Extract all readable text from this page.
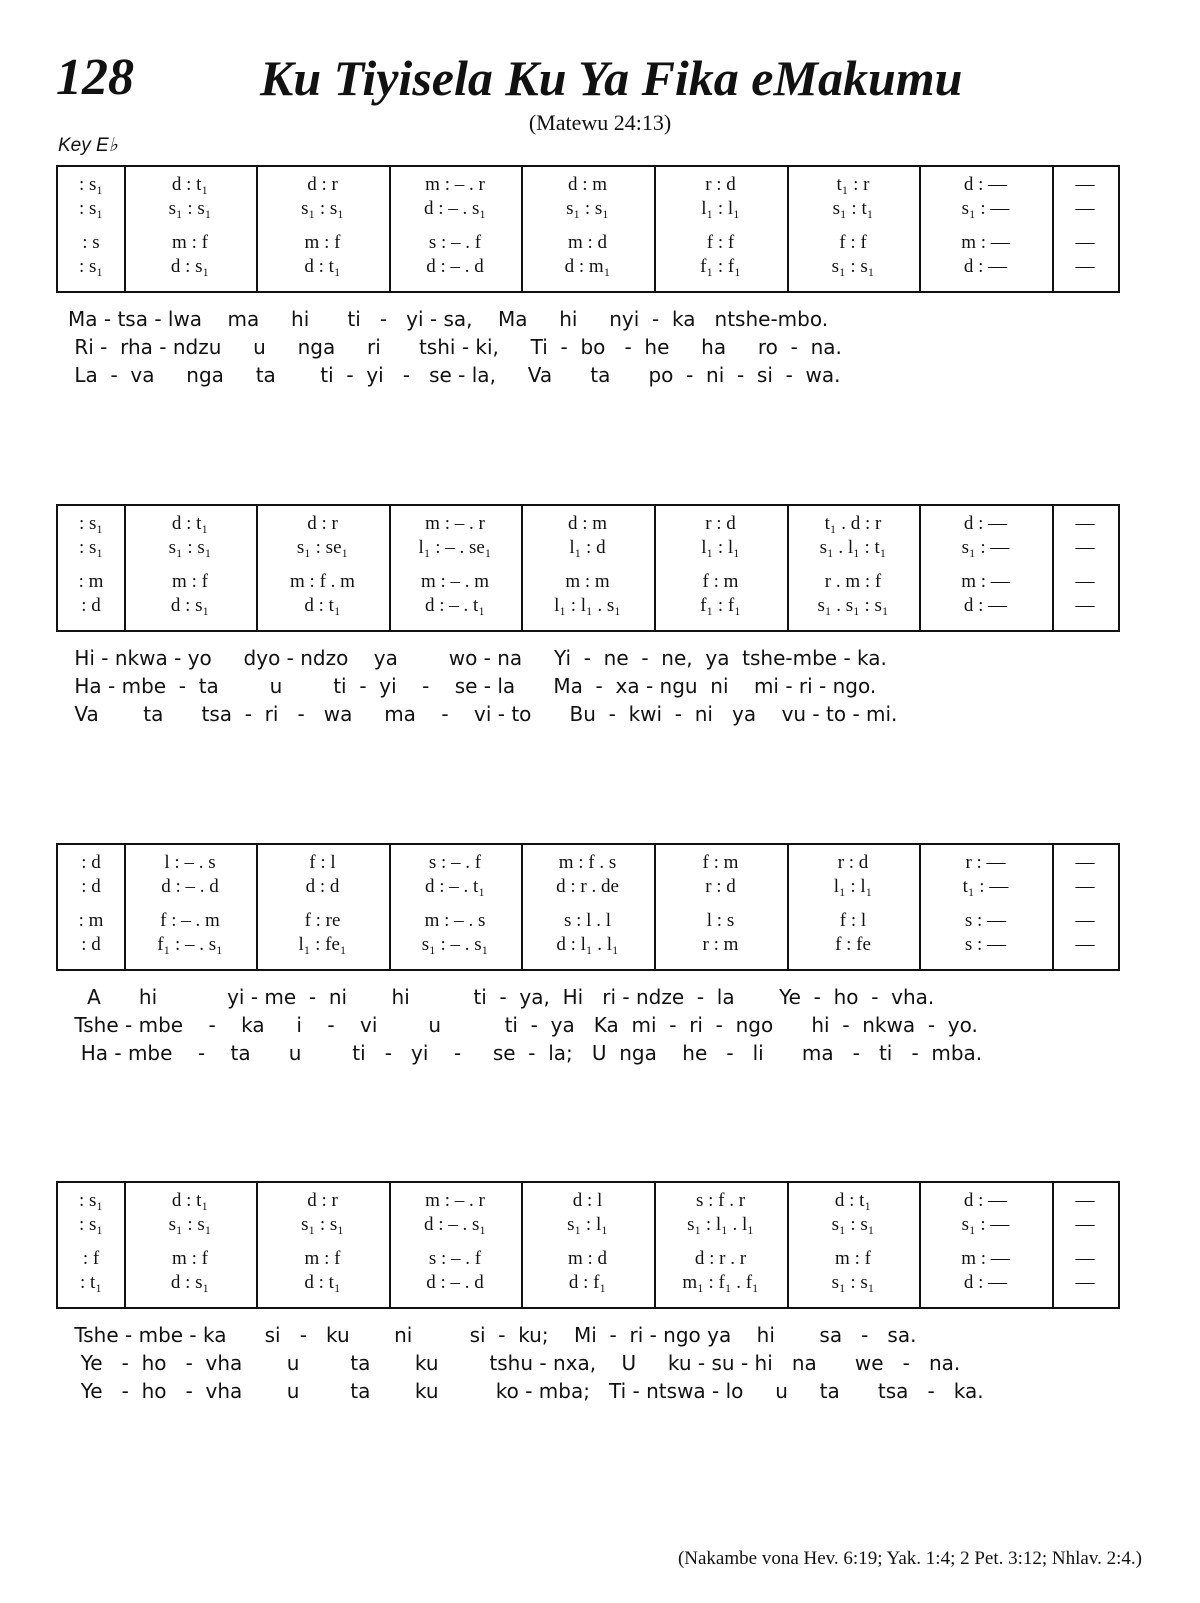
128	Ku Tiyisela Ku Ya Fika eMakumu
(Matewu 24:13)
Key E♭
: s₁	d : t₁	d : r	m : – . r	d : m	r : d	t₁ : r	d : —	—
: s₁	s₁ : s₁	s₁ : s₁	d : – . s₁	s₁ : s₁	l₁ : l₁	s₁ : t₁	s₁ : —	—
: s	m : f	m : f	s : – . f	m : d	f : f	f : f	m : —	—
: s₁	d : s₁	d : t₁	d : – . d	d : m₁	f₁ : f₁	s₁ : s₁	d : —	—
Ma - tsa - lwa    ma     hi      ti   -   yi - sa,    Ma     hi     nyi  -  ka   ntshe-mbo.
Ri -  rha - ndzu     u     nga     ri      tshi - ki,     Ti  -  bo   -  he     ha     ro  -  na.
La  -  va     nga     ta       ti  -  yi   -   se - la,     Va      ta      po  -  ni  -  si  -  wa.
: s₁	d : t₁	d : r	m : – . r	d : m	r : d	t₁ . d : r	d : —	—
: s₁	s₁ : s₁	s₁ : se₁	l₁ : – . se₁	l₁ : d	l₁ : l₁	s₁ . l₁ : t₁	s₁ : —	—
: m	m : f	m : f . m	m : – . m	m : m	f : m	r . m : f	m : —	—
: d	d : s₁	d : t₁	d : – . t₁	l₁ : l₁ . s₁	f₁ : f₁	s₁ . s₁ : s₁	d : —	—
Hi - nkwa - yo     dyo - ndzo    ya        wo - na     Yi  -  ne  -  ne,  ya  tshe-mbe - ka.
Ha - mbe  -  ta        u        ti  -  yi    -    se - la      Ma  -  xa - ngu  ni    mi - ri - ngo.
Va       ta      tsa  -  ri   -   wa     ma    -    vi - to      Bu  -  kwi  -  ni   ya    vu - to - mi.
: d	l : – . s	f : l	s : – . f	m : f . s	f : m	r : d	r : —	—
: d	d : – . d	d : d	d : – . t₁	d : r . de	r : d	l₁ : l₁	t₁ : —	—
: m	f : – . m	f : re	m : – . s	s : l . l	l : s	f : l	s : —	—
: d	f₁ : – . s₁	l₁ : fe₁	s₁ : – . s₁	d : l₁ . l₁	r : m	f : fe	s : —	—
A      hi           yi - me  -  ni       hi          ti  -  ya,  Hi   ri - ndze  -  la       Ye  -  ho  -  vha.
Tshe - mbe    -    ka     i    -    vi        u          ti  -  ya   Ka  mi  -  ri  -  ngo      hi  -  nkwa  -  yo.
Ha - mbe    -    ta      u        ti   -   yi    -     se  -  la;   U  nga    he   -   li      ma   -   ti   -  mba.
: s₁	d : t₁	d : r	m : – . r	d : l	s : f . r	d : t₁	d : —	—
: s₁	s₁ : s₁	s₁ : s₁	d : – . s₁	s₁ : l₁	s₁ : l₁ . l₁	s₁ : s₁	s₁ : —	—
: f	m : f	m : f	s : – . f	m : d	d : r . r	m : f	m : —	—
: t₁	d : s₁	d : t₁	d : – . d	d : f₁	m₁ : f₁ . f₁	s₁ : s₁	d : —	—
Tshe - mbe - ka      si   -   ku       ni         si  -  ku;    Mi  -  ri - ngo ya    hi       sa   -   sa.
Ye   -  ho   -  vha       u        ta       ku        tshu - nxa,    U     ku - su - hi   na      we   -   na.
Ye   -  ho   -  vha       u        ta       ku         ko - mba;   Ti - ntswa - lo     u     ta      tsa   -   ka.
(Nakambe vona Hev. 6:19; Yak. 1:4; 2 Pet. 3:12; Nhlav. 2:4.)
